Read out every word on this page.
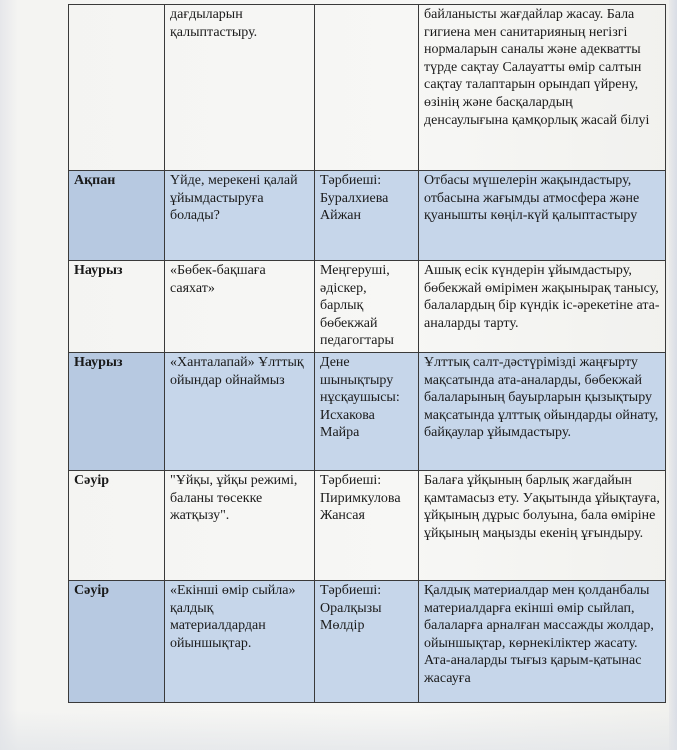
	дағдыларын қалыптастыру.		байланысты жағдайлар жасау. Бала гигиена мен санитарияның негізгі нормаларын саналы және адекватты түрде сақтау Салауатты өмір салтын сақтау талаптарын орындап үйрену, өзінің және басқалардың денсаулығына қамқорлық жасай білуі
Ақпан	Үйде, мерекені қалай ұйымдастыруға болады?	Тәрбиеші: Буралхиева Айжан	Отбасы мүшелерін жақындастыру, отбасына жағымды атмосфера және қуанышты көңіл-күй қалыптастыру
Наурыз	«Бөбек-бақшаға саяхат»	Меңгеруші, әдіскер, барлық бөбекжай педагогтары	Ашық есік күндерін ұйымдастыру, бөбекжай өмірімен жақынырақ танысу, балалардың бір күндік іс-әрекетіне ата-аналарды тарту.
Наурыз	«Ханталапай» Ұлттық ойындар ойнаймыз	Дене шынықтыру нұсқаушысы: Исхакова Майра	Ұлттық салт-дәстүрімізді жаңғырту мақсатында ата-аналарды, бөбекжай балаларының бауырларын қызықтыру мақсатында ұлттық ойындарды ойнату, байқаулар ұйымдастыру.
Сәуір	"Ұйқы, ұйқы режимі, баланы төсекке жатқызу".	Тәрбиеші: Пиримкулова Жансая	Балаға ұйқының барлық жағдайын қамтамасыз ету. Уақытында ұйықтауға, ұйқының дұрыс болуына, бала өміріне ұйқының маңызды екенің ұғындыру.
Сәуір	«Екінші өмір сыйла» қалдық материалдардан ойыншықтар.	Тәрбиеші: Оралқызы Мөлдір	Қалдық материалдар мен қолданбалы материалдарға екінші өмір сыйлап, балаларға арналған массажды жолдар, ойыншықтар, көрнекіліктер жасату. Ата-аналарды тығыз қарым-қатынас жасауға
